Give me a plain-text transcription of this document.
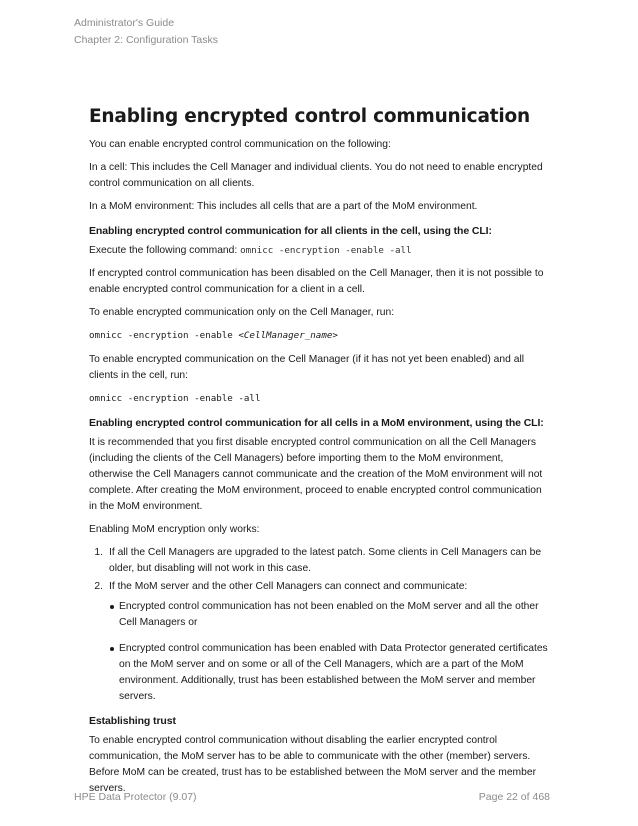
Administrator's Guide
Chapter 2: Configuration Tasks
Enabling encrypted control communication

You can enable encrypted control communication on the following:

In a cell: This includes the Cell Manager and individual clients. You do not need to enable encrypted control communication on all clients.

In a MoM environment: This includes all cells that are a part of the MoM environment.

Enabling encrypted control communication for all clients in the cell, using the CLI:

Execute the following command: omnicc -encryption -enable -all

If encrypted control communication has been disabled on the Cell Manager, then it is not possible to enable encrypted control communication for a client in a cell.

To enable encrypted communication only on the Cell Manager, run:

omnicc -encryption -enable <CellManager_name>

To enable encrypted communication on the Cell Manager (if it has not yet been enabled) and all clients in the cell, run:

omnicc -encryption -enable -all
Enabling encrypted control communication for all cells in a MoM environment, using the CLI:

It is recommended that you first disable encrypted control communication on all the Cell Managers (including the clients of the Cell Managers) before importing them to the MoM environment, otherwise the Cell Managers cannot communicate and the creation of the MoM environment will not complete. After creating the MoM environment, proceed to enable encrypted control communication in the MoM environment.

Enabling MoM encryption only works:

1. If all the Cell Managers are upgraded to the latest patch. Some clients in Cell Managers can be older, but disabling will not work in this case.
2. If the MoM server and the other Cell Managers can connect and communicate:
Encrypted control communication has not been enabled on the MoM server and all the other Cell Managers or
Encrypted control communication has been enabled with Data Protector generated certificates on the MoM server and on some or all of the Cell Managers, which are a part of the MoM environment. Additionally, trust has been established between the MoM server and member servers.
Establishing trust

To enable encrypted control communication without disabling the earlier encrypted control communication, the MoM server has to be able to communicate with the other (member) servers. Before MoM can be created, trust has to be established between the MoM server and the member servers.

HPE Data Protector (9.07)	Page 22 of 468
